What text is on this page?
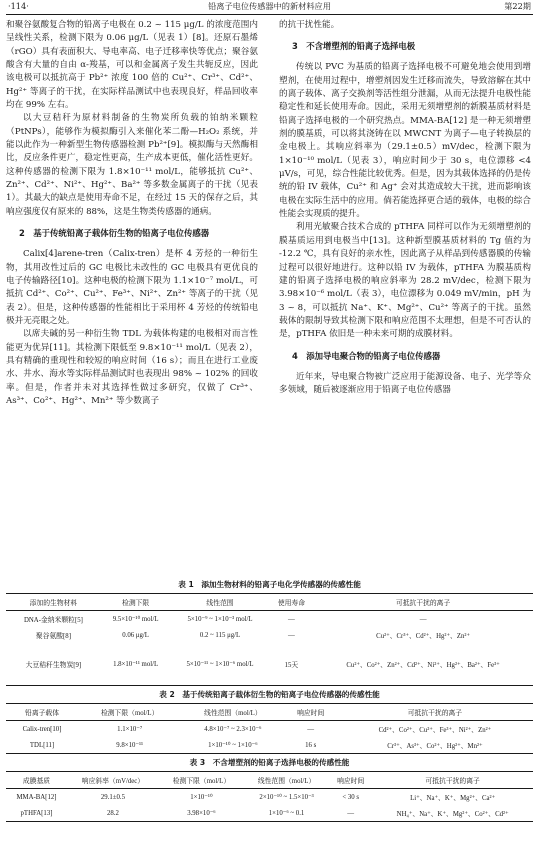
·114·	铅离子电位传感器中的新材料应用	第22期

和聚谷氨酸复合物的铅离子电极在 0.2 ~ 115 μg/L 的浓度范围内呈线性关系，检测下限为 0.06 μg/L（见表 1）[8]。还原石墨烯（rGO）具有表面积大、导电率高、电子迁移率快等优点；聚谷氨酸含有大量的自由 α-羧基，可以和金属离子发生共轭反应，因此该电极可以抵抗高于 Pb²⁺ 浓度 100 倍的 Cu²⁺、Cr³⁺、Cd²⁺、Hg²⁺ 等离子的干扰，在实际样品测试中也表现良好，样品回收率均在 99% 左右。

以大豆秸秆为原材料制备的生物炭所负载的铂纳米颗粒（PtNPs），能够作为模拟酶引入来催化苯二酚—H₂O₂ 系统，并能以此作为一种新型生物传感器检测 Pb²⁺[9]。模拟酶与天然酶相比，反应条件更广，稳定性更高，生产成本更低，催化活性更好。这种传感器的检测下限为 1.8×10⁻¹¹ mol/L，能够抵抗 Cu²⁺、Zn²⁺、Cd²⁺、Ni²⁺、Hg²⁺、Ba²⁺ 等多数金属离子的干扰（见表 1）。其最大的缺点是使用寿命不足，在经过 15 天的保存之后，其响应强度仅有原来的 88%，这是生物类传感器的通病。

2　基于传统铅离子载体衍生物的铅离子电位传感器

Calix[4]arene-tren（Calix-tren）是杯 4 芳烃的一种衍生物，其用改性过后的 GC 电极比未改性的 GC 电极具有更优良的电子传输路径[10]。这种电极的检测下限为 1.1×10⁻⁷ mol/L，可抵抗 Cd²⁺、Co²⁺、Cu²⁺、Fe³⁺、Ni²⁺、Zn²⁺ 等离子的干扰（见表 2）。但是，这种传感器的性能相比于采用杯 4 芳烃的传统铅电极并无亮眼之处。

以席夫碱的另一种衍生物 TDL 为载体构建的电极相对而言性能更为优异[11]。其检测下限低至 9.8×10⁻¹¹ mol/L（见表 2），具有精确的重现性和较短的响应时间（16 s）；而且在进行工业废水、井水、海水等实际样品测试时也表现出 98% ~ 102% 的回收率。但是，作者并未对其选择性做过多研究，仅做了 Cr³⁺、As³⁺、Co²⁺、Hg²⁺、Mn²⁺ 等少数离子

的抗干扰性能。

3　不含增塑剂的铅离子选择电极

传统以 PVC 为基质的铅离子选择电极不可避免地会使用到增塑剂，在使用过程中，增塑剂因发生迁移而流失，导致溶解在其中的离子载体、离子交换剂等活性组分泄漏，从而无法提升电极性能稳定性和延长使用寿命。因此，采用无须增塑剂的新膜基质材料是铅离子选择电极的一个研究热点。MMA-BA[12] 是一种无须增塑剂的膜基质，可以将其浇铸在以 MWCNT 为离子—电子转换层的金电极上。其响应斜率为（29.1±0.5）mV/dec，检测下限为 1×10⁻¹⁰ mol/L（见表 3），响应时间少于 30 s，电位漂移 <4 μV/s，可见，综合性能比较优秀。但是，因为其载体选择的仍是传统的铅 IV 载体，Cu²⁺ 和 Ag⁺ 会对其造成较大干扰，进而影响该电极在实际生活中的应用。倘若能选择更合适的载体，电极的综合性能会实现质的提升。

利用光敏聚合技术合成的 pTHFA 同样可以作为无须增塑剂的膜基质运用到电极当中[13]。这种新型膜基质材料的 Tg 值约为 -12.2 ℃，具有良好的亲水性，因此离子从样品到传感器膜的传输过程可以很好地进行。这种以铅 IV 为载体，pTHFA 为膜基质构建的铅离子选择电极的响应斜率为 28.2 mV/dec，检测下限为 3.98×10⁻⁶ mol/L（表 3），电位漂移为 0.049 mV/min，pH 为 3 ~ 8，可以抵抗 Na⁺、K⁺、Mg²⁺、Cu²⁺ 等离子的干扰。虽然载体的限制导致其检测下限和响应范围不太理想，但是不可否认的是，pTHFA 依旧是一种未来可期的成膜材料。

4　添加导电聚合物的铅离子电位传感器

近年来，导电聚合物被广泛应用于能源设备、电子、光学等众多领域，随后被逐渐应用于铅离子电位传感器

表 1　添加生物材料的铅离子电化学传感器的传感性能
添加的生物材料	检测下限	线性范围	使用寿命	可抵抗干扰的离子
DNA-金纳米颗粒[5]	9.5×10⁻¹⁰ mol/L	5×10⁻⁹ ~ 1×10⁻³ mol/L	—	—
聚谷氨酸[8]	0.06 μg/L	0.2 ~ 115 μg/L	—	Cu²⁺、Cr³⁺、Cd²⁺、Hg²⁺、Zn²⁺
大豆秸秆生物炭[9]	1.8×10⁻¹¹ mol/L	5×10⁻¹¹ ~ 1×10⁻⁶ mol/L	15天	Cu²⁺、Co²⁺、Zn²⁺、Cd²⁺、Ni²⁺、Hg²⁺、Ba²⁺、Fe³⁺
表 2　基于传统铅离子载体衍生物的铅离子电位传感器的传感性能
铅离子载体	检测下限（mol/L）	线性范围（mol/L）	响应时间	可抵抗干扰的离子
Calix-tren[10]	1.1×10⁻⁷	4.8×10⁻⁷ ~ 2.3×10⁻⁶	—	Cd²⁺、Co²⁺、Cu²⁺、Fe³⁺、Ni²⁺、Zn²⁺
TDL[11]	9.8×10⁻¹¹	1×10⁻¹⁰ ~ 1×10⁻⁶	16 s	Cr³⁺、As³⁺、Co²⁺、Hg²⁺、Mn²⁺
表 3　不含增塑剂的铅离子选择电极的传感性能
成膜基质	响应斜率（mV/dec）	检测下限（mol/L）	线性范围（mol/L）	响应时间	可抵抗干扰的离子
MMA-BA[12]	29.1±0.5	1×10⁻¹⁰	2×10⁻¹⁰ ~ 1.5×10⁻³	< 30 s	Li⁺、Na⁺、K⁺、Mg²⁺、Ca²⁺
pTHFA[13]	28.2	3.98×10⁻⁶	1×10⁻⁶ ~ 0.1	—	NH₄⁺、Na⁺、K⁺、Mg²⁺、Co²⁺、Cd²⁺
